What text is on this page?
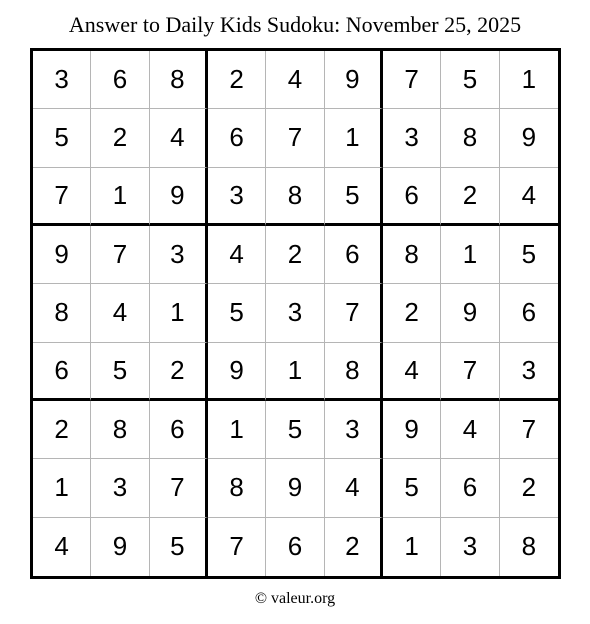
Answer to Daily Kids Sudoku: November 25, 2025
3	6	8	2	4	9	7	5	1
5	2	4	6	7	1	3	8	9
7	1	9	3	8	5	6	2	4
9	7	3	4	2	6	8	1	5
8	4	1	5	3	7	2	9	6
6	5	2	9	1	8	4	7	3
2	8	6	1	5	3	9	4	7
1	3	7	8	9	4	5	6	2
4	9	5	7	6	2	1	3	8
© valeur.org
